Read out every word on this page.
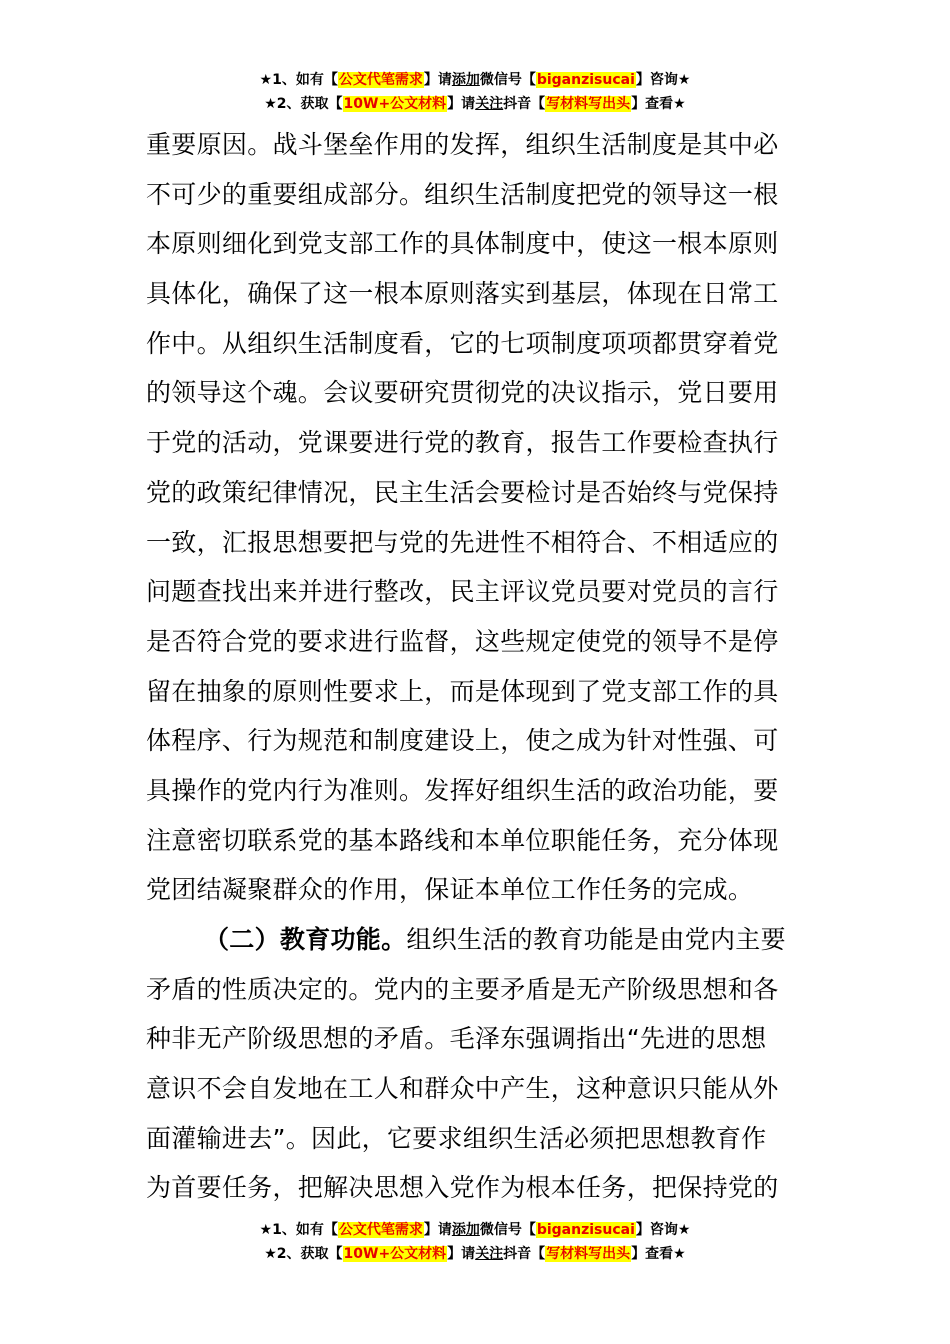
★1、如有【公文代笔需求】请添加微信号【biganzisucai】咨询★
★2、获取【10W+公文材料】请关注抖音【写材料写出头】查看★
重要原因。战斗堡垒作用的发挥，组织生活制度是其中必
不可少的重要组成部分。组织生活制度把党的领导这一根
本原则细化到党支部工作的具体制度中，使这一根本原则
具体化，确保了这一根本原则落实到基层，体现在日常工
作中。从组织生活制度看，它的七项制度项项都贯穿着党
的领导这个魂。会议要研究贯彻党的决议指示，党日要用
于党的活动，党课要进行党的教育，报告工作要检查执行
党的政策纪律情况，民主生活会要检讨是否始终与党保持
一致，汇报思想要把与党的先进性不相符合、不相适应的
问题查找出来并进行整改，民主评议党员要对党员的言行
是否符合党的要求进行监督，这些规定使党的领导不是停
留在抽象的原则性要求上，而是体现到了党支部工作的具
体程序、行为规范和制度建设上，使之成为针对性强、可
具操作的党内行为准则。发挥好组织生活的政治功能，要
注意密切联系党的基本路线和本单位职能任务，充分体现
党团结凝聚群众的作用，保证本单位工作任务的完成。
（二）教育功能。组织生活的教育功能是由党内主要
矛盾的性质决定的。党内的主要矛盾是无产阶级思想和各
种非无产阶级思想的矛盾。毛泽东强调指出“先进的思想
意识不会自发地在工人和群众中产生，这种意识只能从外
面灌输进去”。因此，它要求组织生活必须把思想教育作
为首要任务，把解决思想入党作为根本任务，把保持党的
★1、如有【公文代笔需求】请添加微信号【biganzisucai】咨询★
★2、获取【10W+公文材料】请关注抖音【写材料写出头】查看★
